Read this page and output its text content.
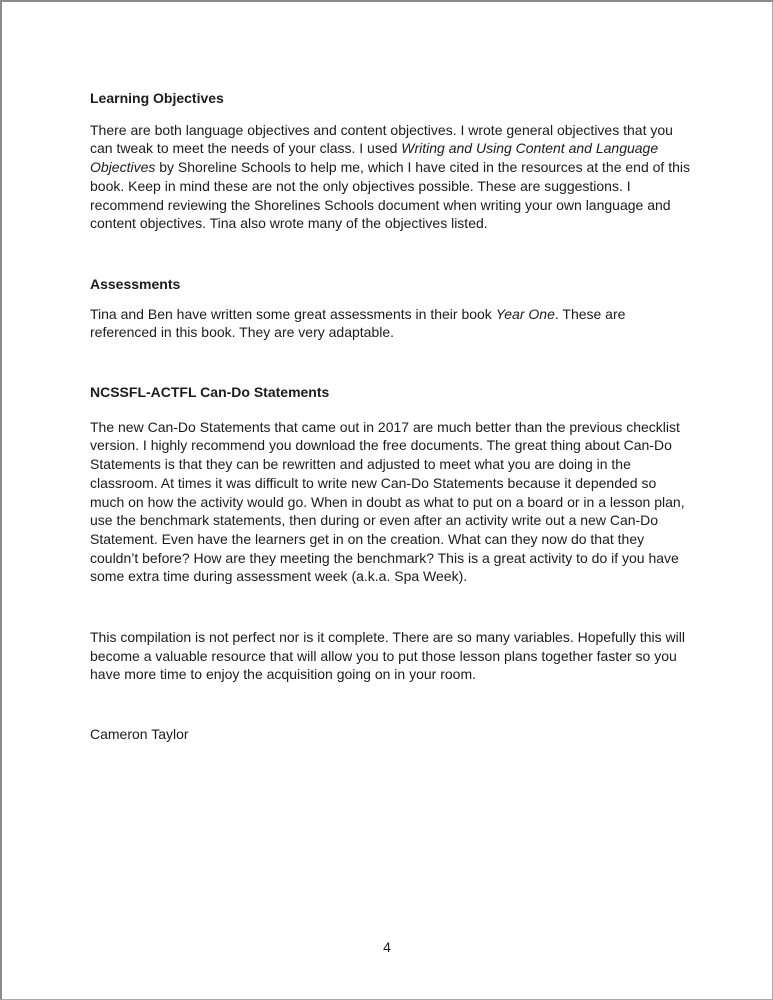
Learning Objectives

There are both language objectives and content objectives. I wrote general objectives that you can tweak to meet the needs of your class. I used Writing and Using Content and Language Objectives by Shoreline Schools to help me, which I have cited in the resources at the end of this book. Keep in mind these are not the only objectives possible. These are suggestions. I recommend reviewing the Shorelines Schools document when writing your own language and content objectives. Tina also wrote many of the objectives listed.

Assessments

Tina and Ben have written some great assessments in their book Year One. These are referenced in this book. They are very adaptable.

NCSSFL-ACTFL Can-Do Statements

The new Can-Do Statements that came out in 2017 are much better than the previous checklist version. I highly recommend you download the free documents. The great thing about Can-Do Statements is that they can be rewritten and adjusted to meet what you are doing in the classroom. At times it was difficult to write new Can-Do Statements because it depended so much on how the activity would go. When in doubt as what to put on a board or in a lesson plan, use the benchmark statements, then during or even after an activity write out a new Can-Do Statement. Even have the learners get in on the creation. What can they now do that they couldn’t before? How are they meeting the benchmark? This is a great activity to do if you have some extra time during assessment week (a.k.a. Spa Week).

This compilation is not perfect nor is it complete. There are so many variables. Hopefully this will become a valuable resource that will allow you to put those lesson plans together faster so you have more time to enjoy the acquisition going on in your room.

Cameron Taylor

4
